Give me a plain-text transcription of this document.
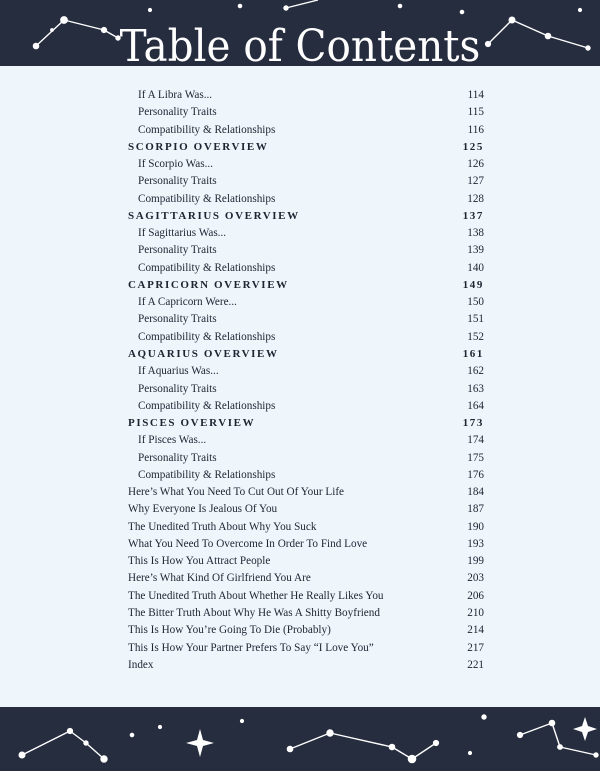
Table of Contents
If A Libra Was...	114
Personality Traits	115
Compatibility & Relationships	116
SCORPIO OVERVIEW	125
If Scorpio Was...	126
Personality Traits	127
Compatibility & Relationships	128
SAGITTARIUS OVERVIEW	137
If Sagittarius Was...	138
Personality Traits	139
Compatibility & Relationships	140
CAPRICORN OVERVIEW	149
If A Capricorn Were...	150
Personality Traits	151
Compatibility & Relationships	152
AQUARIUS OVERVIEW	161
If Aquarius Was...	162
Personality Traits	163
Compatibility & Relationships	164
PISCES OVERVIEW	173
If Pisces Was...	174
Personality Traits	175
Compatibility & Relationships	176
Here’s What You Need To Cut Out Of Your Life	184
Why Everyone Is Jealous Of You	187
The Unedited Truth About Why You Suck	190
What You Need To Overcome In Order To Find Love	193
This Is How You Attract People	199
Here’s What Kind Of Girlfriend You Are	203
The Unedited Truth About Whether He Really Likes You	206
The Bitter Truth About Why He Was A Shitty Boyfriend	210
This Is How You’re Going To Die (Probably)	214
This Is How Your Partner Prefers To Say “I Love You”	217
Index	221
